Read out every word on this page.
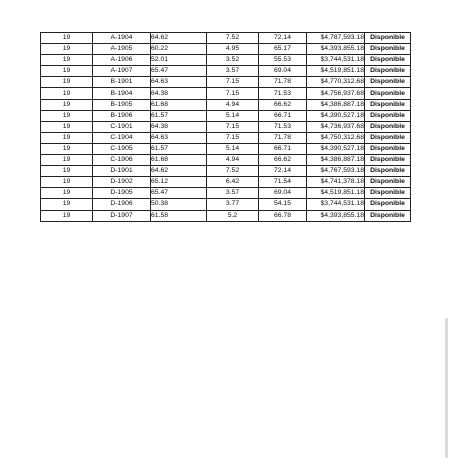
19	A-1904	64.62	7.52	72.14	$4,787,593.18	Disponible
19	A-1905	60.22	4.95	65.17	$4,393,855.18	Disponible
19	A-1906	52.01	3.52	55.53	$3,744,531.18	Disponible
19	A-1907	65.47	3.57	69.04	$4,519,851.18	Disponible
19	B-1901	64.63	7.15	71.78	$4,770,312.68	Disponible
19	B-1904	64.38	7.15	71.53	$4,756,937.68	Disponible
19	B-1905	61.68	4.94	66.62	$4,386,887.18	Disponible
19	B-1906	61.57	5.14	66.71	$4,390,527.18	Disponible
19	C-1901	64.38	7.15	71.53	$4,736,937.68	Disponible
19	C-1904	64.63	7.15	71.78	$4,750,312.68	Disponible
19	C-1905	61.57	5.14	66.71	$4,390,527.18	Disponible
19	C-1906	61.68	4.94	66.62	$4,386,887.18	Disponible
19	D-1901	64.62	7.52	72.14	$4,767,593.18	Disponible
19	D-1902	65.12	6.42	71.54	$4,741,378.18	Disponible
19	D-1905	65.47	3.57	69.04	$4,519,851.18	Disponible
19	D-1906	50.38	3.77	54.15	$3,744,531.18	Disponible
19	D-1907	61.58	5.2	66.78	$4,393,855.18	Disponible
